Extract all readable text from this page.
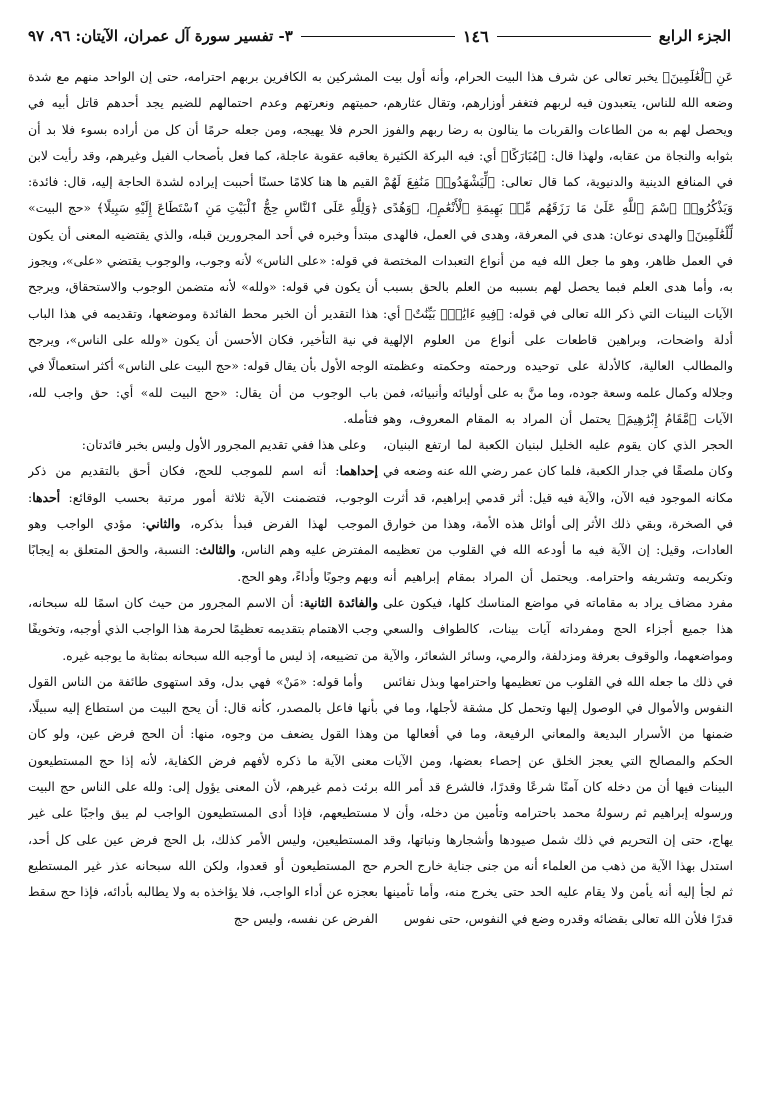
الجزء الرابع
١٤٦
٣- تفسير سورة آل عمران، الآيتان: ٩٦، ٩٧

عَنِ ٱلْعَٰلَمِينَ﴾ يخبر تعالى عن شرف هذا البيت الحرام، وأنه أول بيت وضعه الله للناس، يتعبدون فيه لربهم فتغفر أوزارهم، وتقال عثارهم، ويحصل لهم به من الطاعات والقربات ما ينالون به رضا ربهم والفوز بثوابه والنجاة من عقابه، ولهذا قال: ﴿مُبَارَكًا﴾ أي: فيه البركة الكثيرة في المنافع الدينية والدنيوية، كما قال تعالى: ﴿لِّيَشْهَدُوا۟ مَنَٰفِعَ لَهُمْ وَيَذْكُرُوا۟ ٱسْمَ ٱللَّهِ عَلَىٰ مَا رَزَقَهُم مِّنۢ بَهِيمَةِ ٱلْأَنْعَٰمِ﴾، ﴿وَهُدًى لِّلْعَٰلَمِينَ﴾ والهدى نوعان: هدى في المعرفة، وهدى في العمل، فالهدى في العمل ظاهر، وهو ما جعل الله فيه من أنواع التعبدات المختصة به، وأما هدى العلم فبما يحصل لهم بسببه من العلم بالحق بسبب الآيات البينات التي ذكر الله تعالى في قوله: ﴿فِيهِ ءَايَٰتٌۢ بَيِّنَٰتٌ﴾ أي: أدلة واضحات، وبراهين قاطعات على أنواع من العلوم الإلهية والمطالب العالية، كالأدلة على توحيده ورحمته وحكمته وعظمته وجلاله وكمال علمه وسعة جوده، وما منَّ به على أوليائه وأنبيائه، فمن الآيات ﴿مَّقَامُ إِبْرَٰهِيمَ﴾ يحتمل أن المراد به المقام المعروف، وهو الحجر الذي كان يقوم عليه الخليل لبنيان الكعبة لما ارتفع البنيان، وكان ملصقًا في جدار الكعبة، فلما كان عمر رضي الله عنه وضعه في مكانه الموجود فيه الآن، والآية فيه قيل: أثر قدمي إبراهيم، قد أثرت في الصخرة، وبقي ذلك الأثر إلى أوائل هذه الأمة، وهذا من خوارق العادات، وقيل: إن الآية فيه ما أودعه الله في القلوب من تعظيمه وتكريمه وتشريفه واحترامه. ويحتمل أن المراد بمقام إبراهيم أنه مفرد مضاف يراد به مقاماته في مواضع المناسك كلها، فيكون على هذا جميع أجزاء الحج ومفرداته آيات بينات، كالطواف والسعي ومواضعهما، والوقوف بعرفة ومزدلفة، والرمي، وسائر الشعائر، والآية في ذلك ما جعله الله في القلوب من تعظيمها واحترامها وبذل نفائس النفوس والأموال في الوصول إليها وتحمل كل مشقة لأجلها، وما في ضمنها من الأسرار البديعة والمعاني الرفيعة، وما في أفعالها من الحكم والمصالح التي يعجز الخلق عن إحصاء بعضها، ومن الآيات البينات فيها أن من دخله كان آمنًا شرعًا وقدرًا، فالشرع قد أمر الله ورسوله إبراهيم ثم رسولهُ محمد باحترامه وتأمين من دخله، وأن لا يهاج، حتى إن التحريم في ذلك شمل صيودها وأشجارها ونباتها، وقد استدل بهذا الآية من ذهب من العلماء أنه من جنى جناية خارج الحرم ثم لجأ إليه أنه يأمن ولا يقام عليه الحد حتى يخرج منه، وأما تأمينها قدرًا فلأن الله تعالى بقضائه وقدره وضع في النفوس، حتى نفوس

المشركين به الكافرين بربهم احترامه، حتى إن الواحد منهم مع شدة حميتهم ونعرتهم وعدم احتمالهم للضيم يجد أحدهم قاتل أبيه في الحرم فلا يهيجه، ومن جعله حرمًا أن كل من أراده بسوء فلا بد أن يعاقبه عقوبة عاجلة، كما فعل بأصحاب الفيل وغيرهم، وقد رأيت لابن القيم ها هنا كلامًا حسنًا أحببت إيراده لشدة الحاجة إليه، قال: فائدة: ﴿وَلِلَّهِ عَلَى ٱلنَّاسِ حِجُّ ٱلْبَيْتِ مَنِ ٱسْتَطَاعَ إِلَيْهِ سَبِيلًا﴾ «حج البيت» مبتدأ وخبره في أحد المجرورين قبله، والذي يقتضيه المعنى أن يكون في قوله: «على الناس» لأنه وجوب، والوجوب يقتضي «على»، ويجوز أن يكون في قوله: «ولله» لأنه متضمن الوجوب والاستحقاق، ويرجح هذا التقدير أن الخبر محط الفائدة وموضعها، وتقديمه في هذا الباب في نية التأخير، فكان الأحسن أن يكون «ولله على الناس»، ويرجح الوجه الأول بأن يقال قوله: «حج البيت على الناس» أكثر استعمالًا في باب الوجوب من أن يقال: «حج البيت لله» أي: حق واجب لله، فتأمله.

وعلى هذا ففي تقديم المجرور الأول وليس بخبر فائدتان:

إحداهما: أنه اسم للموجب للحج، فكان أحق بالتقديم من ذكر الوجوب، فتضمنت الآية ثلاثة أمور مرتبة بحسب الوقائع: أحدها: الموجب لهذا الفرض فبدأ بذكره، والثاني: مؤدي الواجب وهو المفترض عليه وهم الناس، والثالث: النسبة، والحق المتعلق به إيجابًا وبهم وجوبًا وأداءً، وهو الحج.

والفائدة الثانية: أن الاسم المجرور من حيث كان اسمًا لله سبحانه، وجب الاهتمام بتقديمه تعظيمًا لحرمة هذا الواجب الذي أوجبه، وتخويفًا من تضييعه، إذ ليس ما أوجبه الله سبحانه بمثابة ما يوجبه غيره.

وأما قوله: «مَنْ» فهي بدل، وقد استهوى طائفة من الناس القول بأنها فاعل بالمصدر، كأنه قال: أن يحج البيت من استطاع إليه سبيلًا، وهذا القول يضعف من وجوه، منها: أن الحج فرض عين، ولو كان معنى الآية ما ذكره لأفهم فرض الكفاية، لأنه إذا حج المستطيعون برئت ذمم غيرهم، لأن المعنى يؤول إلى: ولله على الناس حج البيت مستطيعهم، فإذا أدى المستطيعون الواجب لم يبق واجبًا على غير المستطيعين، وليس الأمر كذلك، بل الحج فرض عين على كل أحد، حج المستطيعون أو قعدوا، ولكن الله سبحانه عذر غير المستطيع بعجزه عن أداء الواجب، فلا يؤاخذه به ولا يطالبه بأدائه، فإذا حج سقط الفرض عن نفسه، وليس حج
